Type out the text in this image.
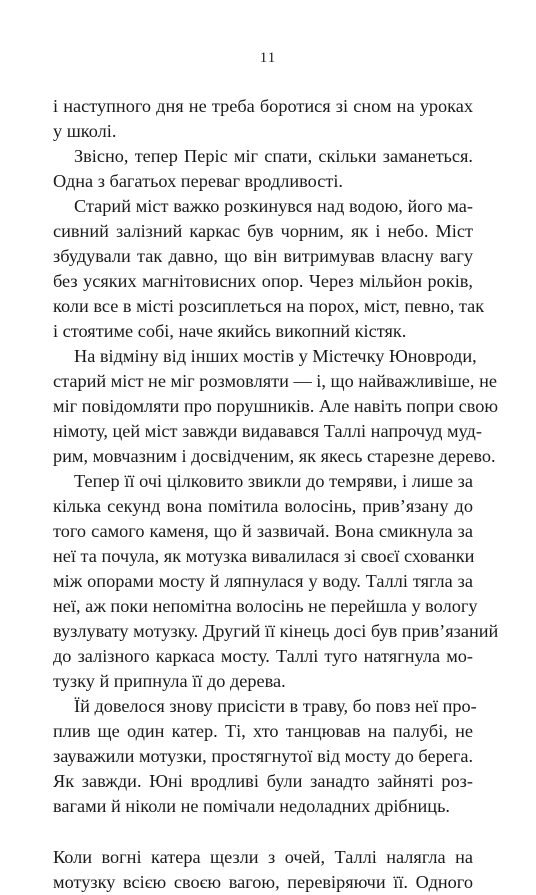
11
і наступного дня не треба боротися зі сном на уроках
у школі.
Звісно, тепер Періс міг спати, скільки заманеться.
Одна з багатьох переваг вродливості.
Старий міст важко розкинувся над водою, його ма-
сивний залізний каркас був чорним, як і небо. Міст
збудували так давно, що він витримував власну вагу
без усяких магнітовисних опор. Через мільйон років,
коли все в місті розсиплеться на порох, міст, певно, так
і стоятиме собі, наче якийсь викопний кістяк.
На відміну від інших мостів у Містечку Юновроди,
старий міст не міг розмовляти — і, що найважливіше, не
міг повідомляти про порушників. Але навіть попри свою
німоту, цей міст завжди видавався Таллі напрочуд муд-
рим, мовчазним і досвідченим, як якесь старезне дерево.
Тепер її очі цілковито звикли до темряви, і лише за
кілька секунд вона помітила волосінь, прив’язану до
того самого каменя, що й зазвичай. Вона смикнула за
неї та почула, як мотузка вивалилася зі своєї схованки
між опорами мосту й ляпнулася у воду. Таллі тягла за
неї, аж поки непомітна волосінь не перейшла у вологу
вузлувату мотузку. Другий її кінець досі був прив’язаний
до залізного каркаса мосту. Таллі туго натягнула мо-
тузку й припнула її до дерева.
Їй довелося знову присісти в траву, бо повз неї про-
плив ще один катер. Ті, хто танцював на палубі, не
зауважили мотузки, простягнутої від мосту до берега.
Як завжди. Юні вродливі були занадто зайняті роз-
вагами й ніколи не помічали недоладних дрібниць.
Коли вогні катера щезли з очей, Таллі налягла на
мотузку всією своєю вагою, перевіряючи її. Одного
